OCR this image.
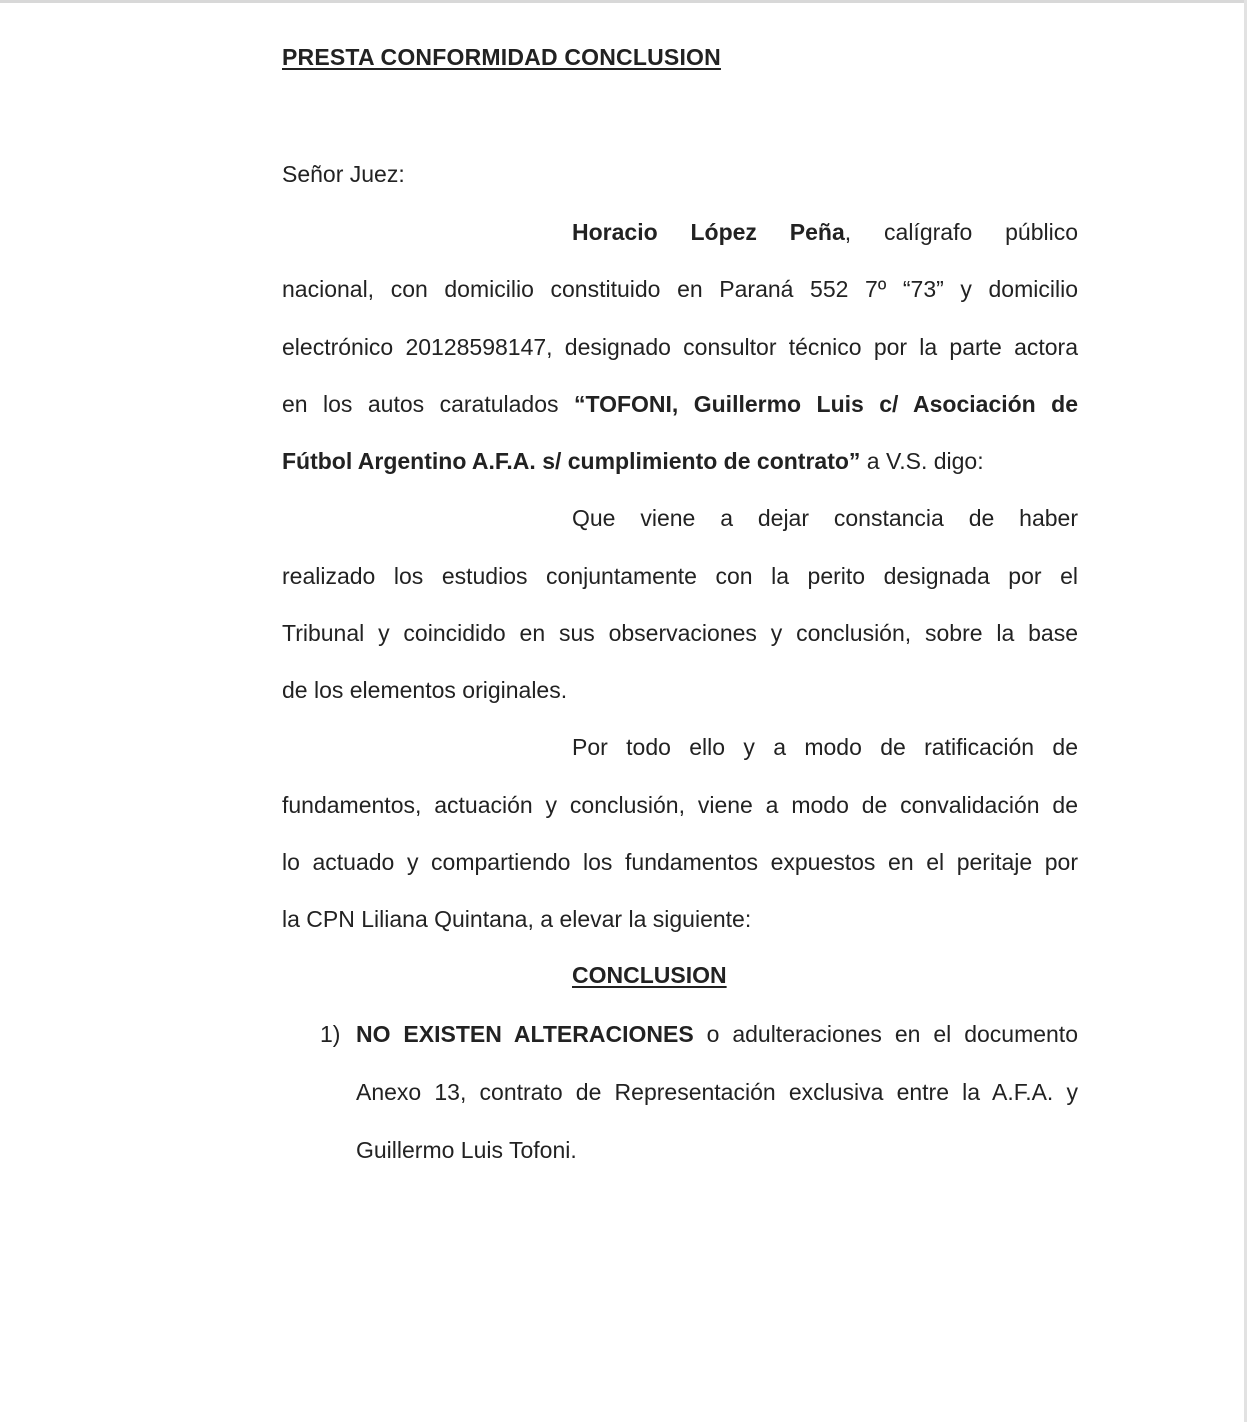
PRESTA CONFORMIDAD CONCLUSION
Señor Juez:
Horacio López Peña, calígrafo público
nacional, con domicilio constituido en Paraná 552 7º “73” y domicilio
electrónico 20128598147, designado consultor técnico por la parte actora
en los autos caratulados “TOFONI, Guillermo Luis c/ Asociación de
Fútbol Argentino A.F.A. s/ cumplimiento de contrato” a V.S. digo:
Que viene a dejar constancia de haber
realizado los estudios conjuntamente con la perito designada por el
Tribunal y coincidido en sus observaciones y conclusión, sobre la base
de los elementos originales.
Por todo ello y a modo de ratificación de
fundamentos, actuación y conclusión, viene a modo de convalidación de
lo actuado y compartiendo los fundamentos expuestos en el peritaje por
la CPN Liliana Quintana, a elevar la siguiente:
CONCLUSION
1) NO EXISTEN ALTERACIONES o adulteraciones en el documento
Anexo 13, contrato de Representación exclusiva entre la A.F.A. y
Guillermo Luis Tofoni.
